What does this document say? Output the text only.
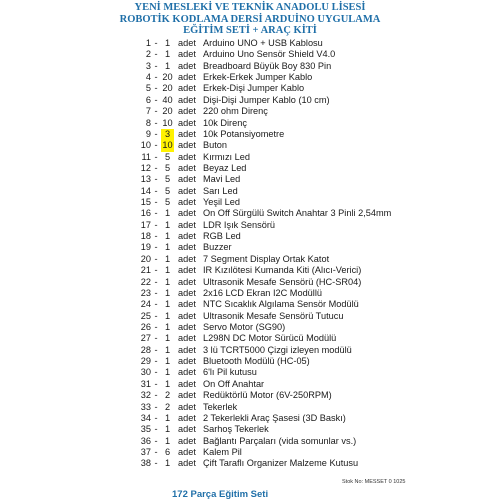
YENİ MESLEKİ VE TEKNİK ANADOLU LİSESİ
ROBOTİK KODLAMA DERSİ ARDUİNO UYGULAMA
EĞİTİM SETİ + ARAÇ KİTİ
1 - 1 adet Arduino UNO + USB Kablosu
2 - 1 adet Arduino Uno Sensör Shield V4.0
3 - 1 adet Breadboard Büyük Boy 830 Pin
4 - 20 adet Erkek-Erkek Jumper Kablo
5 - 20 adet Erkek-Dişi Jumper Kablo
6 - 40 adet Dişi-Dişi Jumper Kablo (10 cm)
7 - 20 adet 220 ohm Direnç
8 - 10 adet 10k Direnç
9 - 3 adet 10k Potansiyometre
10 - 10 adet Buton
11 - 5 adet Kırmızı Led
12 - 5 adet Beyaz Led
13 - 5 adet Mavi Led
14 - 5 adet Sarı Led
15 - 5 adet Yeşil Led
16 - 1 adet On Off Sürgülü Switch Anahtar 3 Pinli 2,54mm
17 - 1 adet LDR Işık Sensörü
18 - 1 adet RGB Led
19 - 1 adet Buzzer
20 - 1 adet 7 Segment Display Ortak Katot
21 - 1 adet IR Kızılötesi Kumanda Kiti (Alıcı-Verici)
22 - 1 adet Ultrasonik Mesafe Sensörü (HC-SR04)
23 - 1 adet 2x16 LCD Ekran I2C Modüllü
24 - 1 adet NTC Sıcaklık Algılama Sensör Modülü
25 - 1 adet Ultrasonik Mesafe Sensörü Tutucu
26 - 1 adet Servo Motor (SG90)
27 - 1 adet L298N DC Motor Sürücü Modülü
28 - 1 adet 3 lü TCRT5000 Çizgi izleyen modülü
29 - 1 adet Bluetooth Modülü (HC-05)
30 - 1 adet 6'lı Pil kutusu
31 - 1 adet On Off Anahtar
32 - 2 adet Redüktörlü Motor (6V-250RPM)
33 - 2 adet Tekerlek
34 - 1 adet 2 Tekerlekli Araç Şasesi (3D Baskı)
35 - 1 adet Sarhoş Tekerlek
36 - 1 adet Bağlantı Parçaları (vida somunlar vs.)
37 - 6 adet Kalem Pil
38 - 1 adet Çift Taraflı Organizer Malzeme Kutusu
Stok No: MESSET 0 1025
172 Parça Eğitim Seti
